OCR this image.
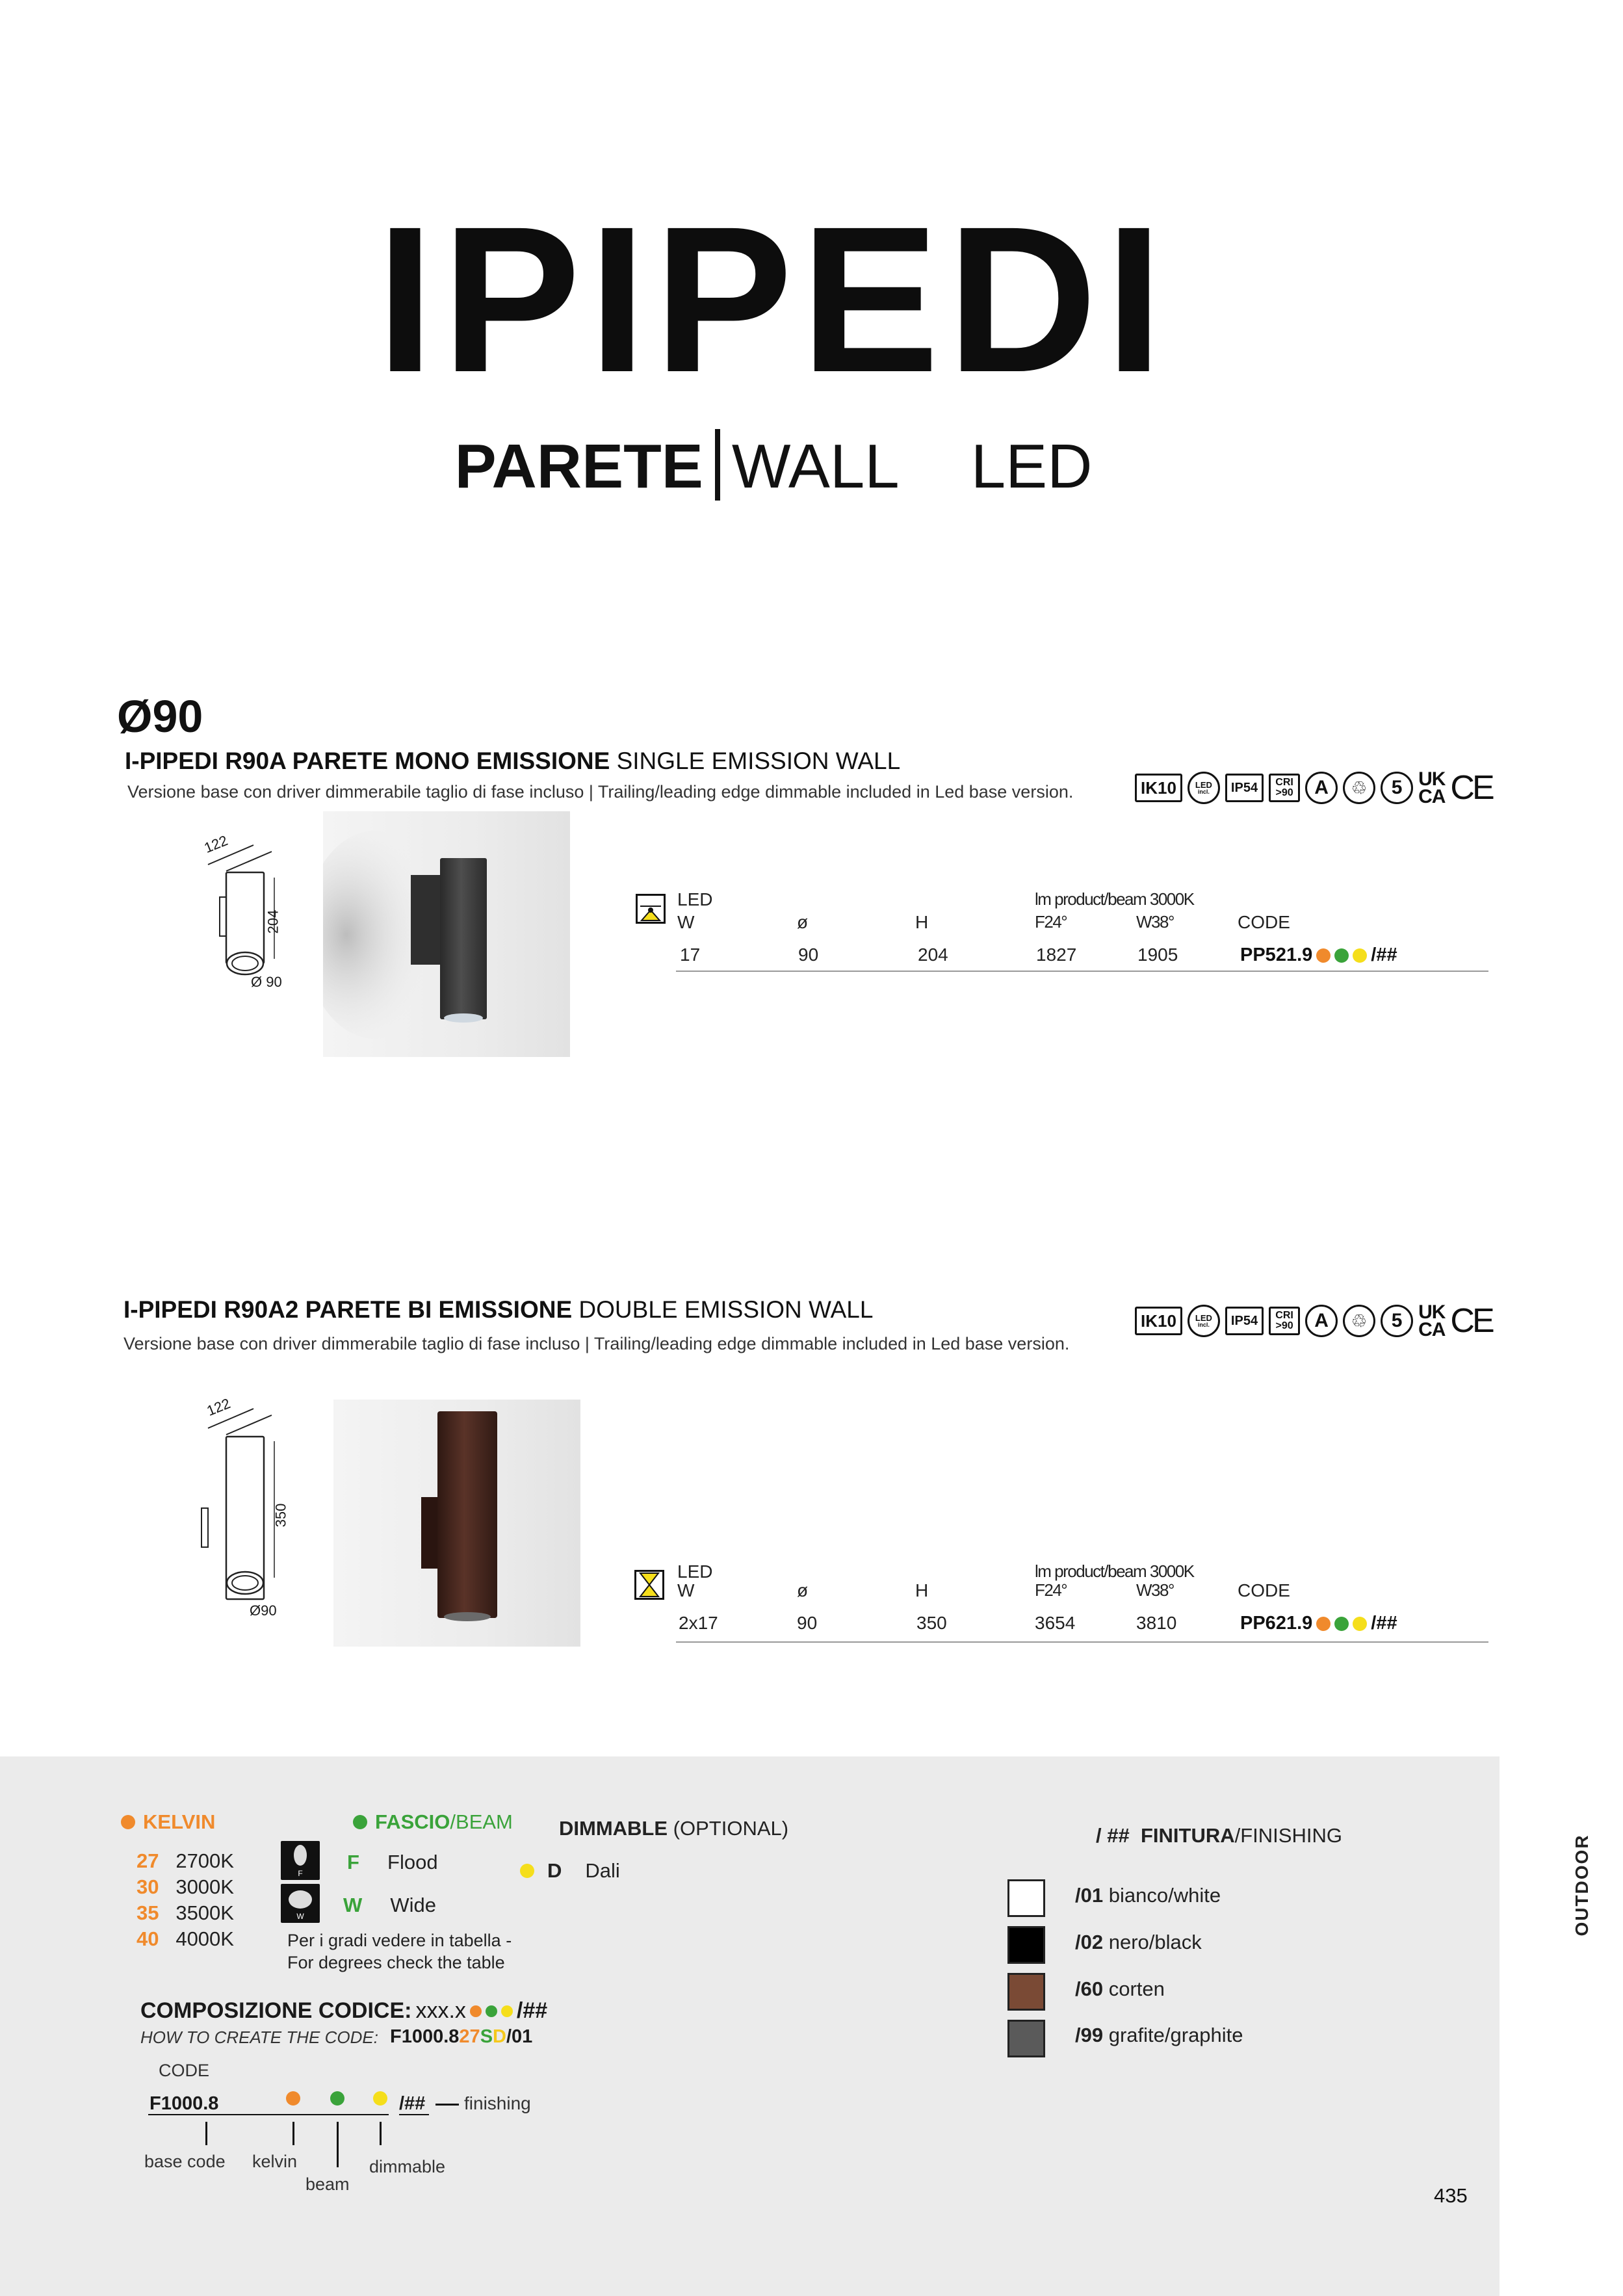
IPIPEDI
PARETE WALL LED
Ø90
I-PIPEDI R90A PARETE MONO EMISSIONE SINGLE EMISSION WALL
Versione base con driver dimmerabile taglio di fase incluso | Trailing/leading edge dimmable included in Led base version.	IK10 LED
incl. IP54 CRI
>90 A	♲	5 UK
CA CE
122
204
Ø 90
LED	lm product/beam 3000K
W	ø	H	F24°	W38°	CODE
17	90	204	1827	1905	PP521.9	/##
I-PIPEDI R90A2 PARETE BI EMISSIONE DOUBLE EMISSION WALL
Versione base con driver dimmerabile taglio di fase incluso | Trailing/leading edge dimmable included in Led base version.
IK10 LED
incl. IP54 CRI
>90 A	♲	5 UK
CA CE
122
350
Ø90
LED	lm product/beam 3000K
W	ø	H	F24°	W38°	CODE
2x17	90	350	3654	3810	PP621.9	/##
OUTDOOR
KELVIN
27 2700K
30 3000K
35 3500K
40 4000K
FASCIO/BEAM
F
W
F Flood
W Wide
Per i gradi vedere in tabella -
For degrees check the table
DIMMABLE (OPTIONAL)
D Dali
/ ## FINITURA/FINISHING
/01 bianco/white
/02 nero/black
/60 corten
/99 grafite/graphite
COMPOSIZIONE CODICE: xxx.x /##
HOW TO CREATE THE CODE: F1000.827SD/01
CODE
F1000.8	/## finishing
base code kelvin
beam
dimmable
435
